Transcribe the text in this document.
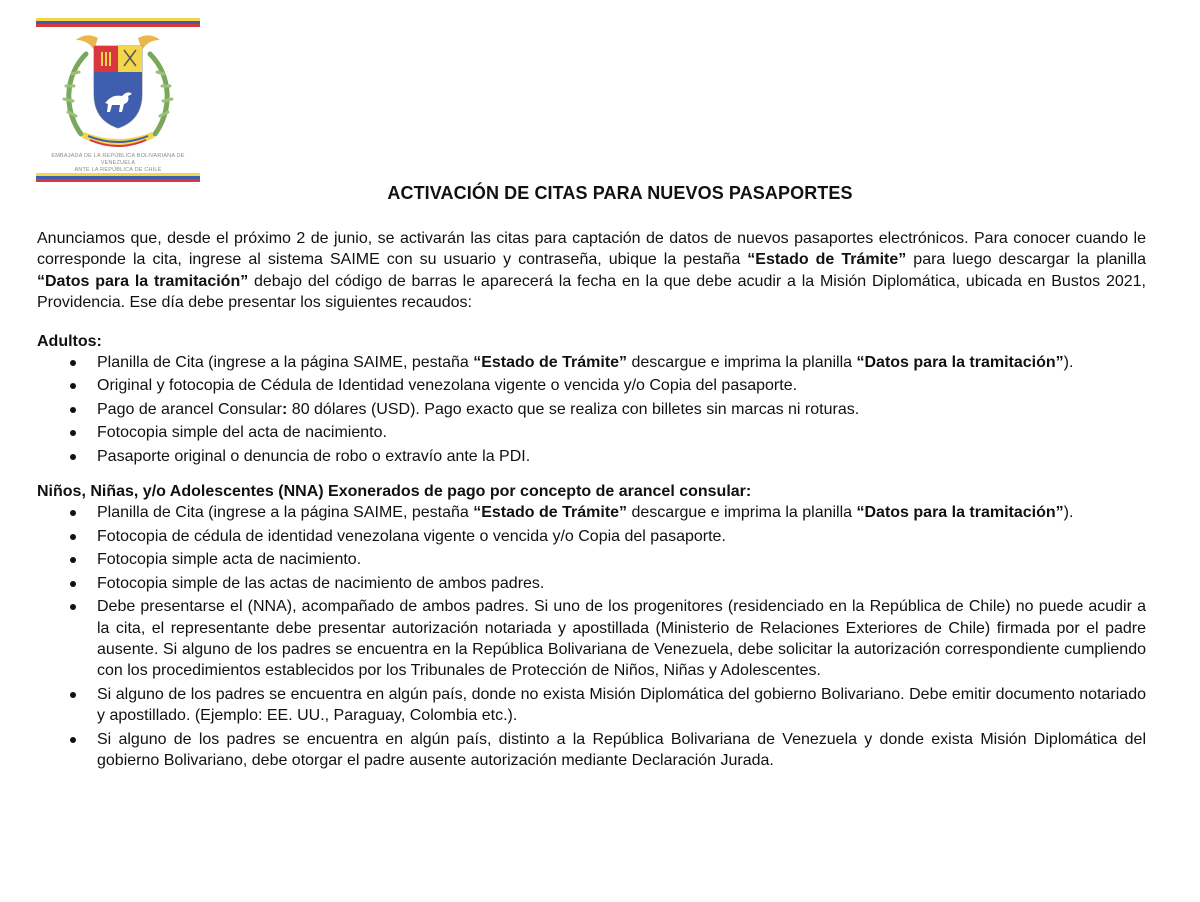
EMBAJADA DE LA REPÚBLICA BOLIVARIANA DE VENEZUELA
ANTE LA REPÚBLICA DE CHILE
ACTIVACIÓN DE CITAS PARA NUEVOS PASAPORTES

Anunciamos que, desde el próximo 2 de junio, se activarán las citas para captación de datos de nuevos pasaportes electrónicos. Para conocer cuando le corresponde la cita, ingrese al sistema SAIME con su usuario y contraseña, ubique la pestaña “Estado de Trámite” para luego descargar la planilla “Datos para la tramitación” debajo del código de barras le aparecerá la fecha en la que debe acudir a la Misión Diplomática, ubicada en Bustos 2021, Providencia. Ese día debe presentar los siguientes recaudos:

Adultos:

Planilla de Cita (ingrese a la página SAIME, pestaña “Estado de Trámite” descargue e imprima la planilla “Datos para la tramitación”).
Original y fotocopia de Cédula de Identidad venezolana vigente o vencida y/o Copia del pasaporte.
Pago de arancel Consular: 80 dólares (USD). Pago exacto que se realiza con billetes sin marcas ni roturas.
Fotocopia simple del acta de nacimiento.
Pasaporte original o denuncia de robo o extravío ante la PDI.

Niños, Niñas, y/o Adolescentes (NNA) Exonerados de pago por concepto de arancel consular:

Planilla de Cita (ingrese a la página SAIME, pestaña “Estado de Trámite” descargue e imprima la planilla “Datos para la tramitación”).
Fotocopia de cédula de identidad venezolana vigente o vencida y/o Copia del pasaporte.
Fotocopia simple acta de nacimiento.
Fotocopia simple de las actas de nacimiento de ambos padres.
Debe presentarse el (NNA), acompañado de ambos padres. Si uno de los progenitores (residenciado en la República de Chile) no puede acudir a la cita, el representante debe presentar autorización notariada y apostillada (Ministerio de Relaciones Exteriores de Chile) firmada por el padre ausente. Si alguno de los padres se encuentra en la República Bolivariana de Venezuela, debe solicitar la autorización correspondiente cumpliendo con los procedimientos establecidos por los Tribunales de Protección de Niños, Niñas y Adolescentes.
Si alguno de los padres se encuentra en algún país, donde no exista Misión Diplomática del gobierno Bolivariano. Debe emitir documento notariado y apostillado. (Ejemplo: EE. UU., Paraguay, Colombia etc.).
Si alguno de los padres se encuentra en algún país, distinto a la República Bolivariana de Venezuela y donde exista Misión Diplomática del gobierno Bolivariano, debe otorgar el padre ausente autorización mediante Declaración Jurada.
